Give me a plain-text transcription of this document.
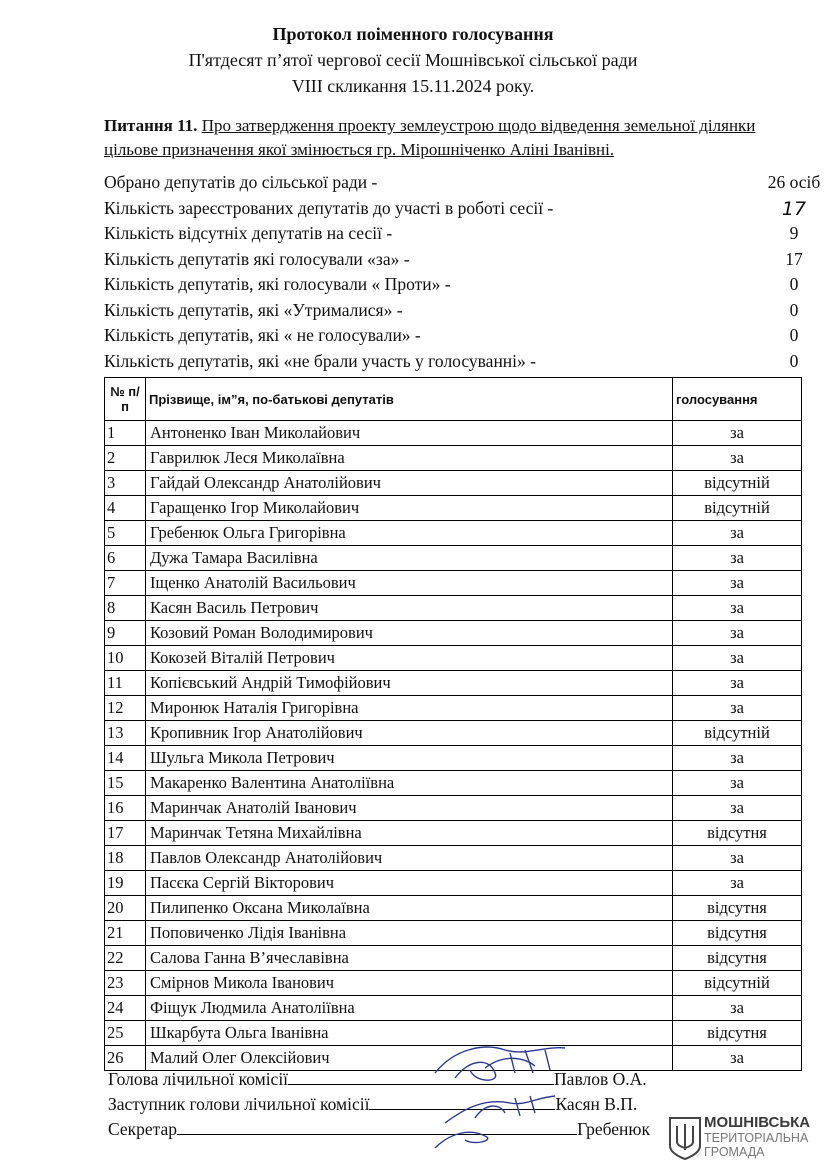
Протокол поіменного голосування
П'ятдесят п’ятої чергової сесії Мошнівської сільської ради
VIII скликання 15.11.2024 року.
Питання 11. Про затвердження проекту землеустрою щодо відведення земельної ділянки цільове призначення якої змінюється гр. Мірошніченко Аліні Іванівні.
Обрано депутатів до сільської ради -	26 осіб
Кількість зареєстрованих депутатів до участі в роботі сесії -	17
Кількість відсутніх депутатів на сесії -	9
Кількість депутатів які голосували «за» -	17
Кількість депутатів, які голосували « Проти» -	0
Кількість депутатів, які «Утрималися» -	0
Кількість депутатів, які « не голосували» -	0
Кількість депутатів, які «не брали участь у голосуванні» -	0
№ п/п	Прізвище, ім”я, по-батькові депутатів	голосування
1	Антоненко Іван Миколайович	за
2	Гаврилюк Леся Миколаївна	за
3	Гайдай Олександр Анатолійович	відсутній
4	Гаращенко Ігор Миколайович	відсутній
5	Гребенюк Ольга Григорівна	за
6	Дужа Тамара Василівна	за
7	Іщенко Анатолій Васильович	за
8	Касян Василь Петрович	за
9	Козовий Роман Володимирович	за
10	Кокозей Віталій Петрович	за
11	Копієвський Андрій Тимофійович	за
12	Миронюк Наталія Григорівна	за
13	Кропивник Ігор Анатолійович	відсутній
14	Шульга Микола Петрович	за
15	Макаренко Валентина Анатоліївна	за
16	Маринчак Анатолій Іванович	за
17	Маринчак Тетяна Михайлівна	відсутня
18	Павлов Олександр Анатолійович	за
19	Пасєка Сергій Вікторович	за
20	Пилипенко Оксана Миколаївна	відсутня
21	Поповиченко Лідія Іванівна	відсутня
22	Салова Ганна В’ячеславівна	відсутня
23	Смірнов Микола Іванович	відсутній
24	Фіщук Людмила Анатоліївна	за
25	Шкарбута Ольга Іванівна	відсутня
26	Малий Олег Олексійович	за
Голова лічильної комісії	Павлов О.А.
Заступник голови лічильної комісії	Касян В.П.
Секретар	Гребенюк	МОШНІВСЬКА
ТЕРИТОРІАЛЬНА
ГРОМАДА
